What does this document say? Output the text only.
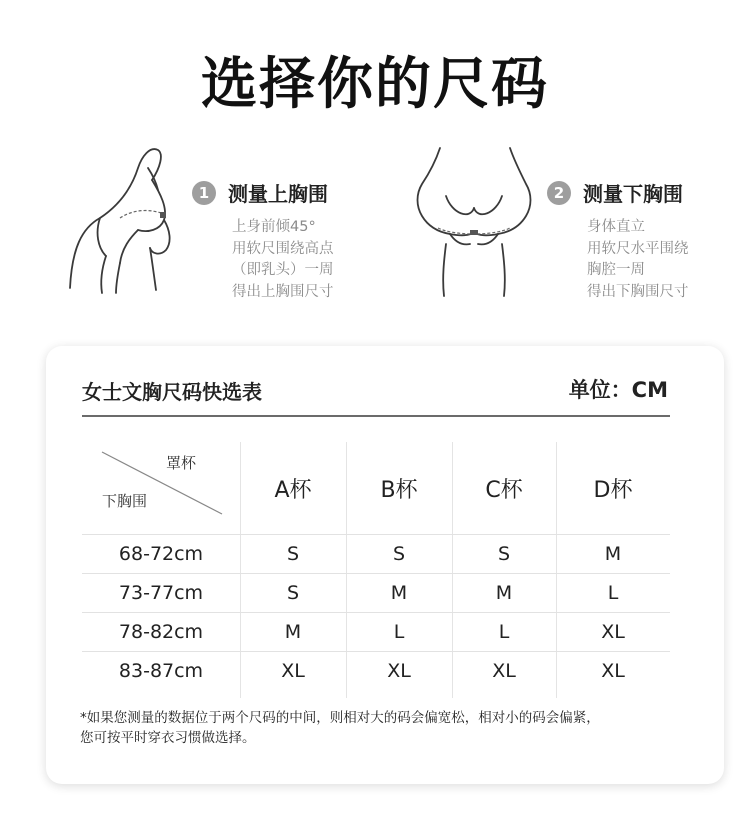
选择你的尺码
1 测量上胸围
上身前倾45°
用软尺围绕高点
（即乳头）一周
得出上胸围尺寸
2 测量下胸围
身体直立
用软尺水平围绕
胸腔一周
得出下胸围尺寸
女士文胸尺码快选表	单位：CM
罩杯
下胸围	A杯	B杯	C杯	D杯
68-72cm	S	S	S	M
73-77cm	S	M	M	L
78-82cm	M	L	L	XL
83-87cm	XL	XL	XL	XL
*如果您测量的数据位于两个尺码的中间，则相对大的码会偏宽松，相对小的码会偏紧，
您可按平时穿衣习惯做选择。
